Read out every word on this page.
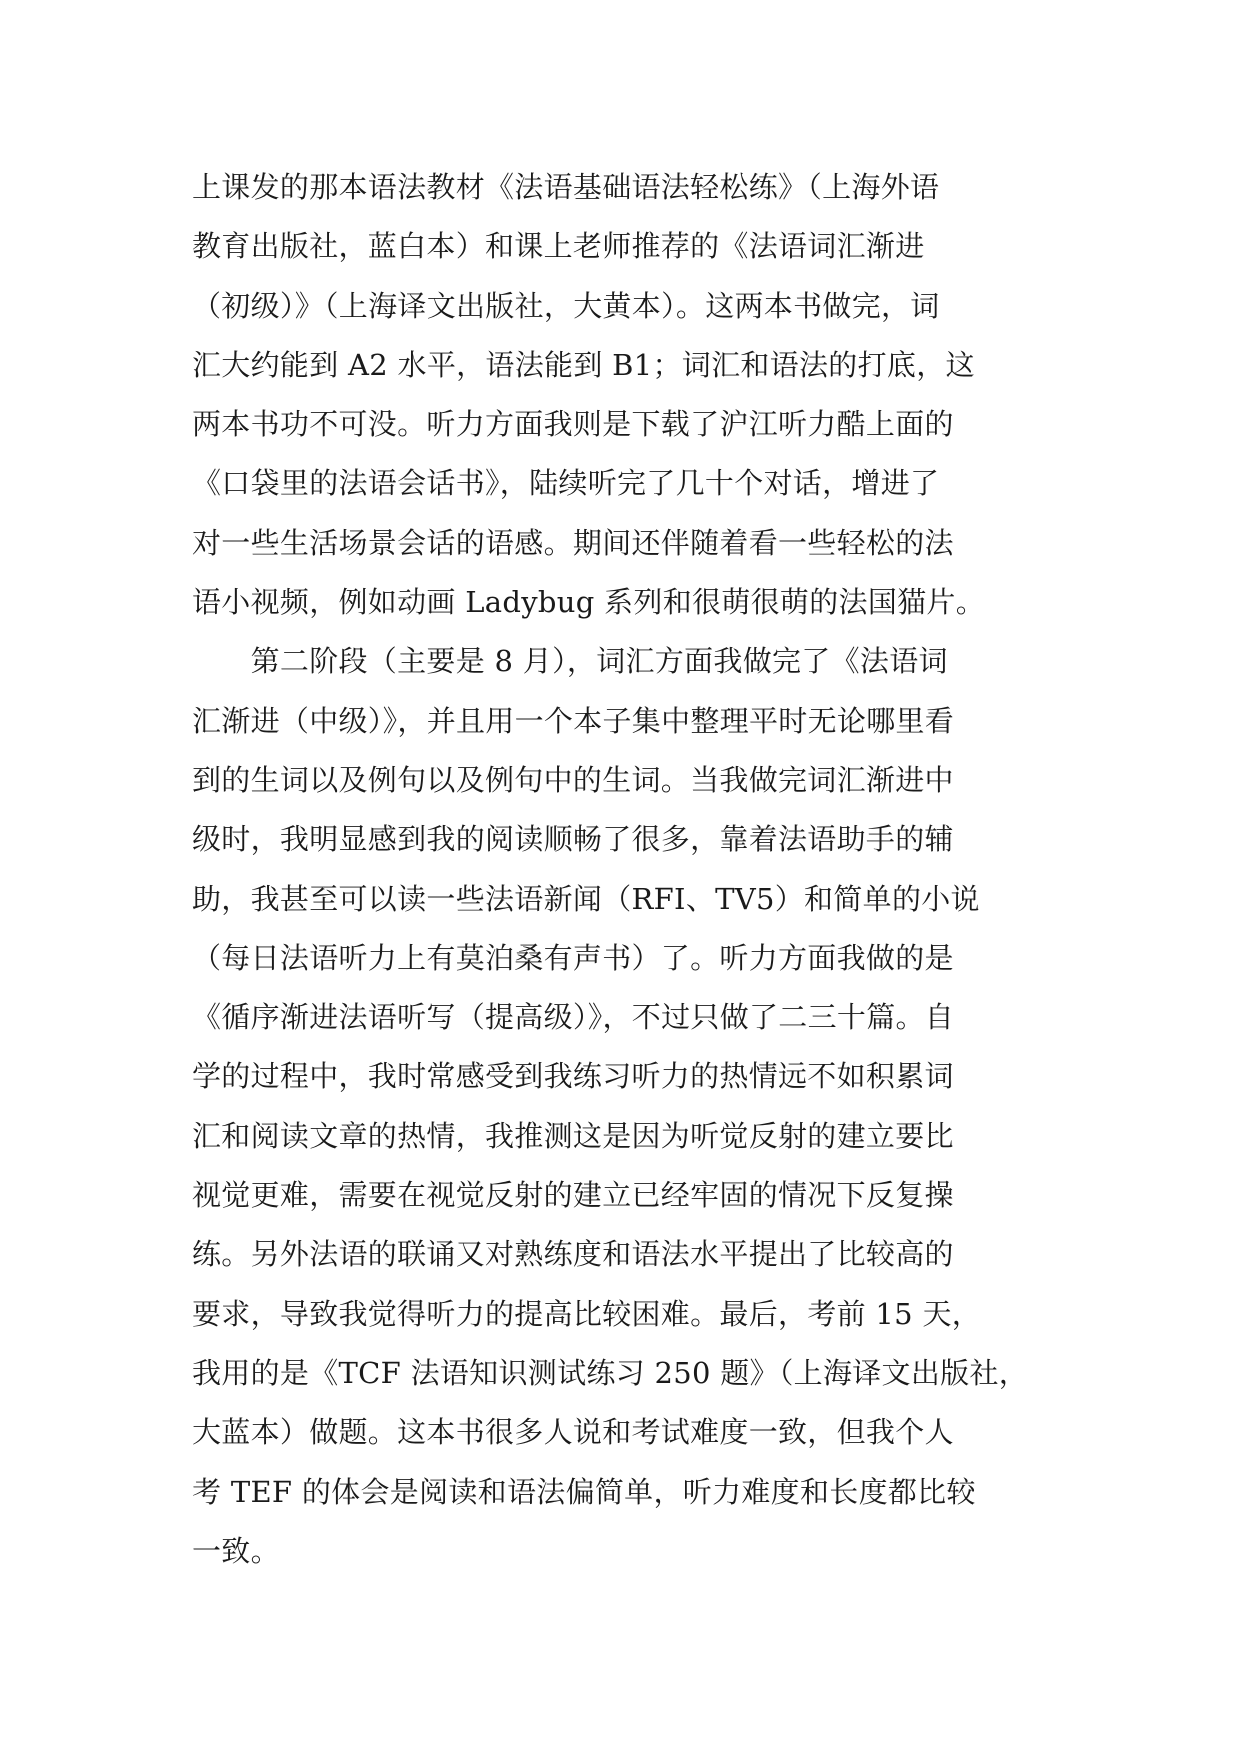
上课发的那本语法教材《法语基础语法轻松练》（上海外语
教育出版社，蓝白本）和课上老师推荐的《法语词汇渐进
（初级）》（上海译文出版社，大黄本）。这两本书做完，词
汇大约能到 A2 水平，语法能到 B1；词汇和语法的打底，这
两本书功不可没。听力方面我则是下载了沪江听力酷上面的
《口袋里的法语会话书》，陆续听完了几十个对话，增进了
对一些生活场景会话的语感。期间还伴随着看一些轻松的法
语小视频，例如动画 Ladybug 系列和很萌很萌的法国猫片。
　　第二阶段（主要是 8 月），词汇方面我做完了《法语词
汇渐进（中级）》，并且用一个本子集中整理平时无论哪里看
到的生词以及例句以及例句中的生词。当我做完词汇渐进中
级时，我明显感到我的阅读顺畅了很多，靠着法语助手的辅
助，我甚至可以读一些法语新闻（RFI、TV5）和简单的小说
（每日法语听力上有莫泊桑有声书）了。听力方面我做的是
《循序渐进法语听写（提高级）》，不过只做了二三十篇。自
学的过程中，我时常感受到我练习听力的热情远不如积累词
汇和阅读文章的热情，我推测这是因为听觉反射的建立要比
视觉更难，需要在视觉反射的建立已经牢固的情况下反复操
练。另外法语的联诵又对熟练度和语法水平提出了比较高的
要求，导致我觉得听力的提高比较困难。最后，考前 15 天，
我用的是《TCF 法语知识测试练习 250 题》（上海译文出版社，
大蓝本）做题。这本书很多人说和考试难度一致，但我个人
考 TEF 的体会是阅读和语法偏简单，听力难度和长度都比较
一致。
